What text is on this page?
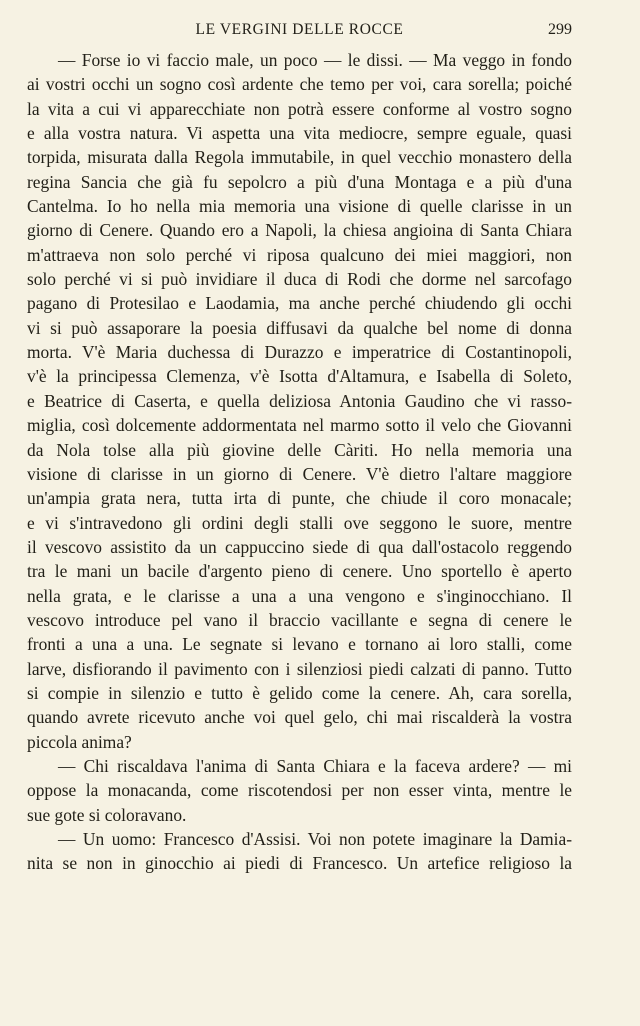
LE VERGINI DELLE ROCCE	299
— Forse io vi faccio male, un poco — le dissi. — Ma veggo in fondo
ai vostri occhi un sogno così ardente che temo per voi, cara sorella; poiché
la vita a cui vi apparecchiate non potrà essere conforme al vostro sogno
e alla vostra natura. Vi aspetta una vita mediocre, sempre eguale, quasi
torpida, misurata dalla Regola immutabile, in quel vecchio monastero della
regina Sancia che già fu sepolcro a più d'una Montaga e a più d'una
Cantelma. Io ho nella mia memoria una visione di quelle clarisse in un
giorno di Cenere. Quando ero a Napoli, la chiesa angioina di Santa Chiara
m'attraeva non solo perché vi riposa qualcuno dei miei maggiori, non
solo perché vi si può invidiare il duca di Rodi che dorme nel sarcofago
pagano di Protesilao e Laodamia, ma anche perché chiudendo gli occhi
vi si può assaporare la poesia diffusavi da qualche bel nome di donna
morta. V'è Maria duchessa di Durazzo e imperatrice di Costantinopoli,
v'è la principessa Clemenza, v'è Isotta d'Altamura, e Isabella di Soleto,
e Beatrice di Caserta, e quella deliziosa Antonia Gaudino che vi rasso-
miglia, così dolcemente addormentata nel marmo sotto il velo che Giovanni
da Nola tolse alla più giovine delle Càriti. Ho nella memoria una
visione di clarisse in un giorno di Cenere. V'è dietro l'altare maggiore
un'ampia grata nera, tutta irta di punte, che chiude il coro monacale;
e vi s'intravedono gli ordini degli stalli ove seggono le suore, mentre
il vescovo assistito da un cappuccino siede di qua dall'ostacolo reggendo
tra le mani un bacile d'argento pieno di cenere. Uno sportello è aperto
nella grata, e le clarisse a una a una vengono e s'inginocchiano. Il
vescovo introduce pel vano il braccio vacillante e segna di cenere le
fronti a una a una. Le segnate si levano e tornano ai loro stalli, come
larve, disfiorando il pavimento con i silenziosi piedi calzati di panno. Tutto
si compie in silenzio e tutto è gelido come la cenere. Ah, cara sorella,
quando avrete ricevuto anche voi quel gelo, chi mai riscalderà la vostra
piccola anima?
— Chi riscaldava l'anima di Santa Chiara e la faceva ardere? — mi
oppose la monacanda, come riscotendosi per non esser vinta, mentre le
sue gote si coloravano.
— Un uomo: Francesco d'Assisi. Voi non potete imaginare la Damia-
nita se non in ginocchio ai piedi di Francesco. Un artefice religioso la
